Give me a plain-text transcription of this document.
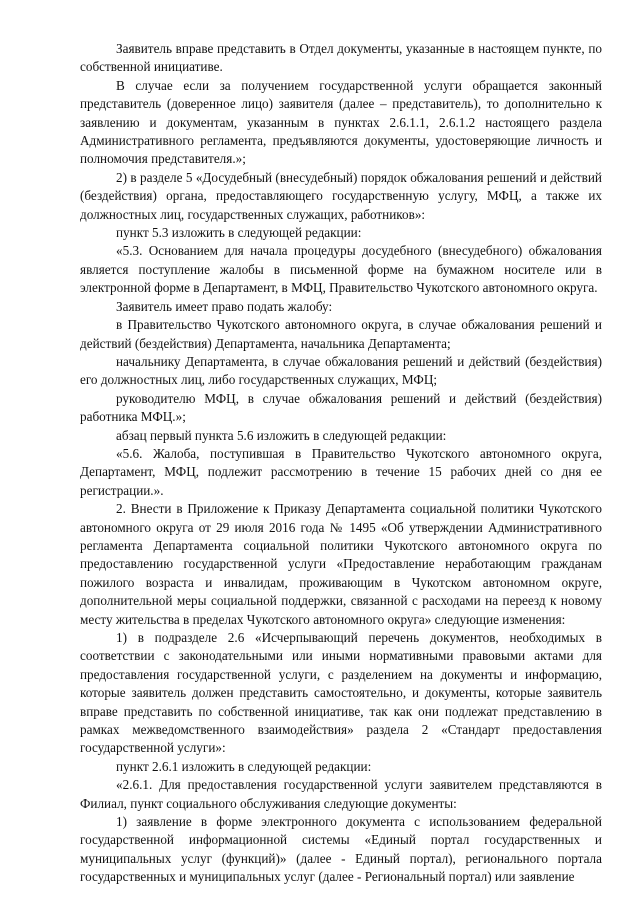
Заявитель вправе представить в Отдел документы, указанные в настоящем пункте, по собственной инициативе.

В случае если за получением государственной услуги обращается законный представитель (доверенное лицо) заявителя (далее – представитель), то дополнительно к заявлению и документам, указанным в пунктах 2.6.1.1, 2.6.1.2 настоящего раздела Административного регламента, предъявляются документы, удостоверяющие личность и полномочия представителя.»;

2) в разделе 5 «Досудебный (внесудебный) порядок обжалования решений и действий (бездействия) органа, предоставляющего государственную услугу, МФЦ, а также их должностных лиц, государственных служащих, работников»:

пункт 5.3 изложить в следующей редакции:

«5.3. Основанием для начала процедуры досудебного (внесудебного) обжалования является поступление жалобы в письменной форме на бумажном носителе или в электронной форме в Департамент, в МФЦ, Правительство Чукотского автономного округа.

Заявитель имеет право подать жалобу:

в Правительство Чукотского автономного округа, в случае обжалования решений и действий (бездействия) Департамента, начальника Департамента;

начальнику Департамента, в случае обжалования решений и действий (бездействия) его должностных лиц, либо государственных служащих, МФЦ;

руководителю МФЦ, в случае обжалования решений и действий (бездействия) работника МФЦ.»;

абзац первый пункта 5.6 изложить в следующей редакции:

«5.6. Жалоба, поступившая в Правительство Чукотского автономного округа, Департамент, МФЦ, подлежит рассмотрению в течение 15 рабочих дней со дня ее регистрации.».

2. Внести в Приложение к Приказу Департамента социальной политики Чукотского автономного округа от 29 июля 2016 года № 1495 «Об утверждении Административного регламента Департамента социальной политики Чукотского автономного округа по предоставлению государственной услуги «Предоставление неработающим гражданам пожилого возраста и инвалидам, проживающим в Чукотском автономном округе, дополнительной меры социальной поддержки, связанной с расходами на переезд к новому месту жительства в пределах Чукотского автономного округа» следующие изменения:

1) в подразделе 2.6 «Исчерпывающий перечень документов, необходимых в соответствии с законодательными или иными нормативными правовыми актами для предоставления государственной услуги, с разделением на документы и информацию, которые заявитель должен представить самостоятельно, и документы, которые заявитель вправе представить по собственной инициативе, так как они подлежат представлению в рамках межведомственного взаимодействия» раздела 2 «Стандарт предоставления государственной услуги»:

пункт 2.6.1 изложить в следующей редакции:

«2.6.1. Для предоставления государственной услуги заявителем представляются в Филиал, пункт социального обслуживания следующие документы:

1) заявление в форме электронного документа с использованием федеральной государственной информационной системы «Единый портал государственных и муниципальных услуг (функций)» (далее - Единый портал), регионального портала государственных и муниципальных услуг (далее - Региональный портал) или заявление
